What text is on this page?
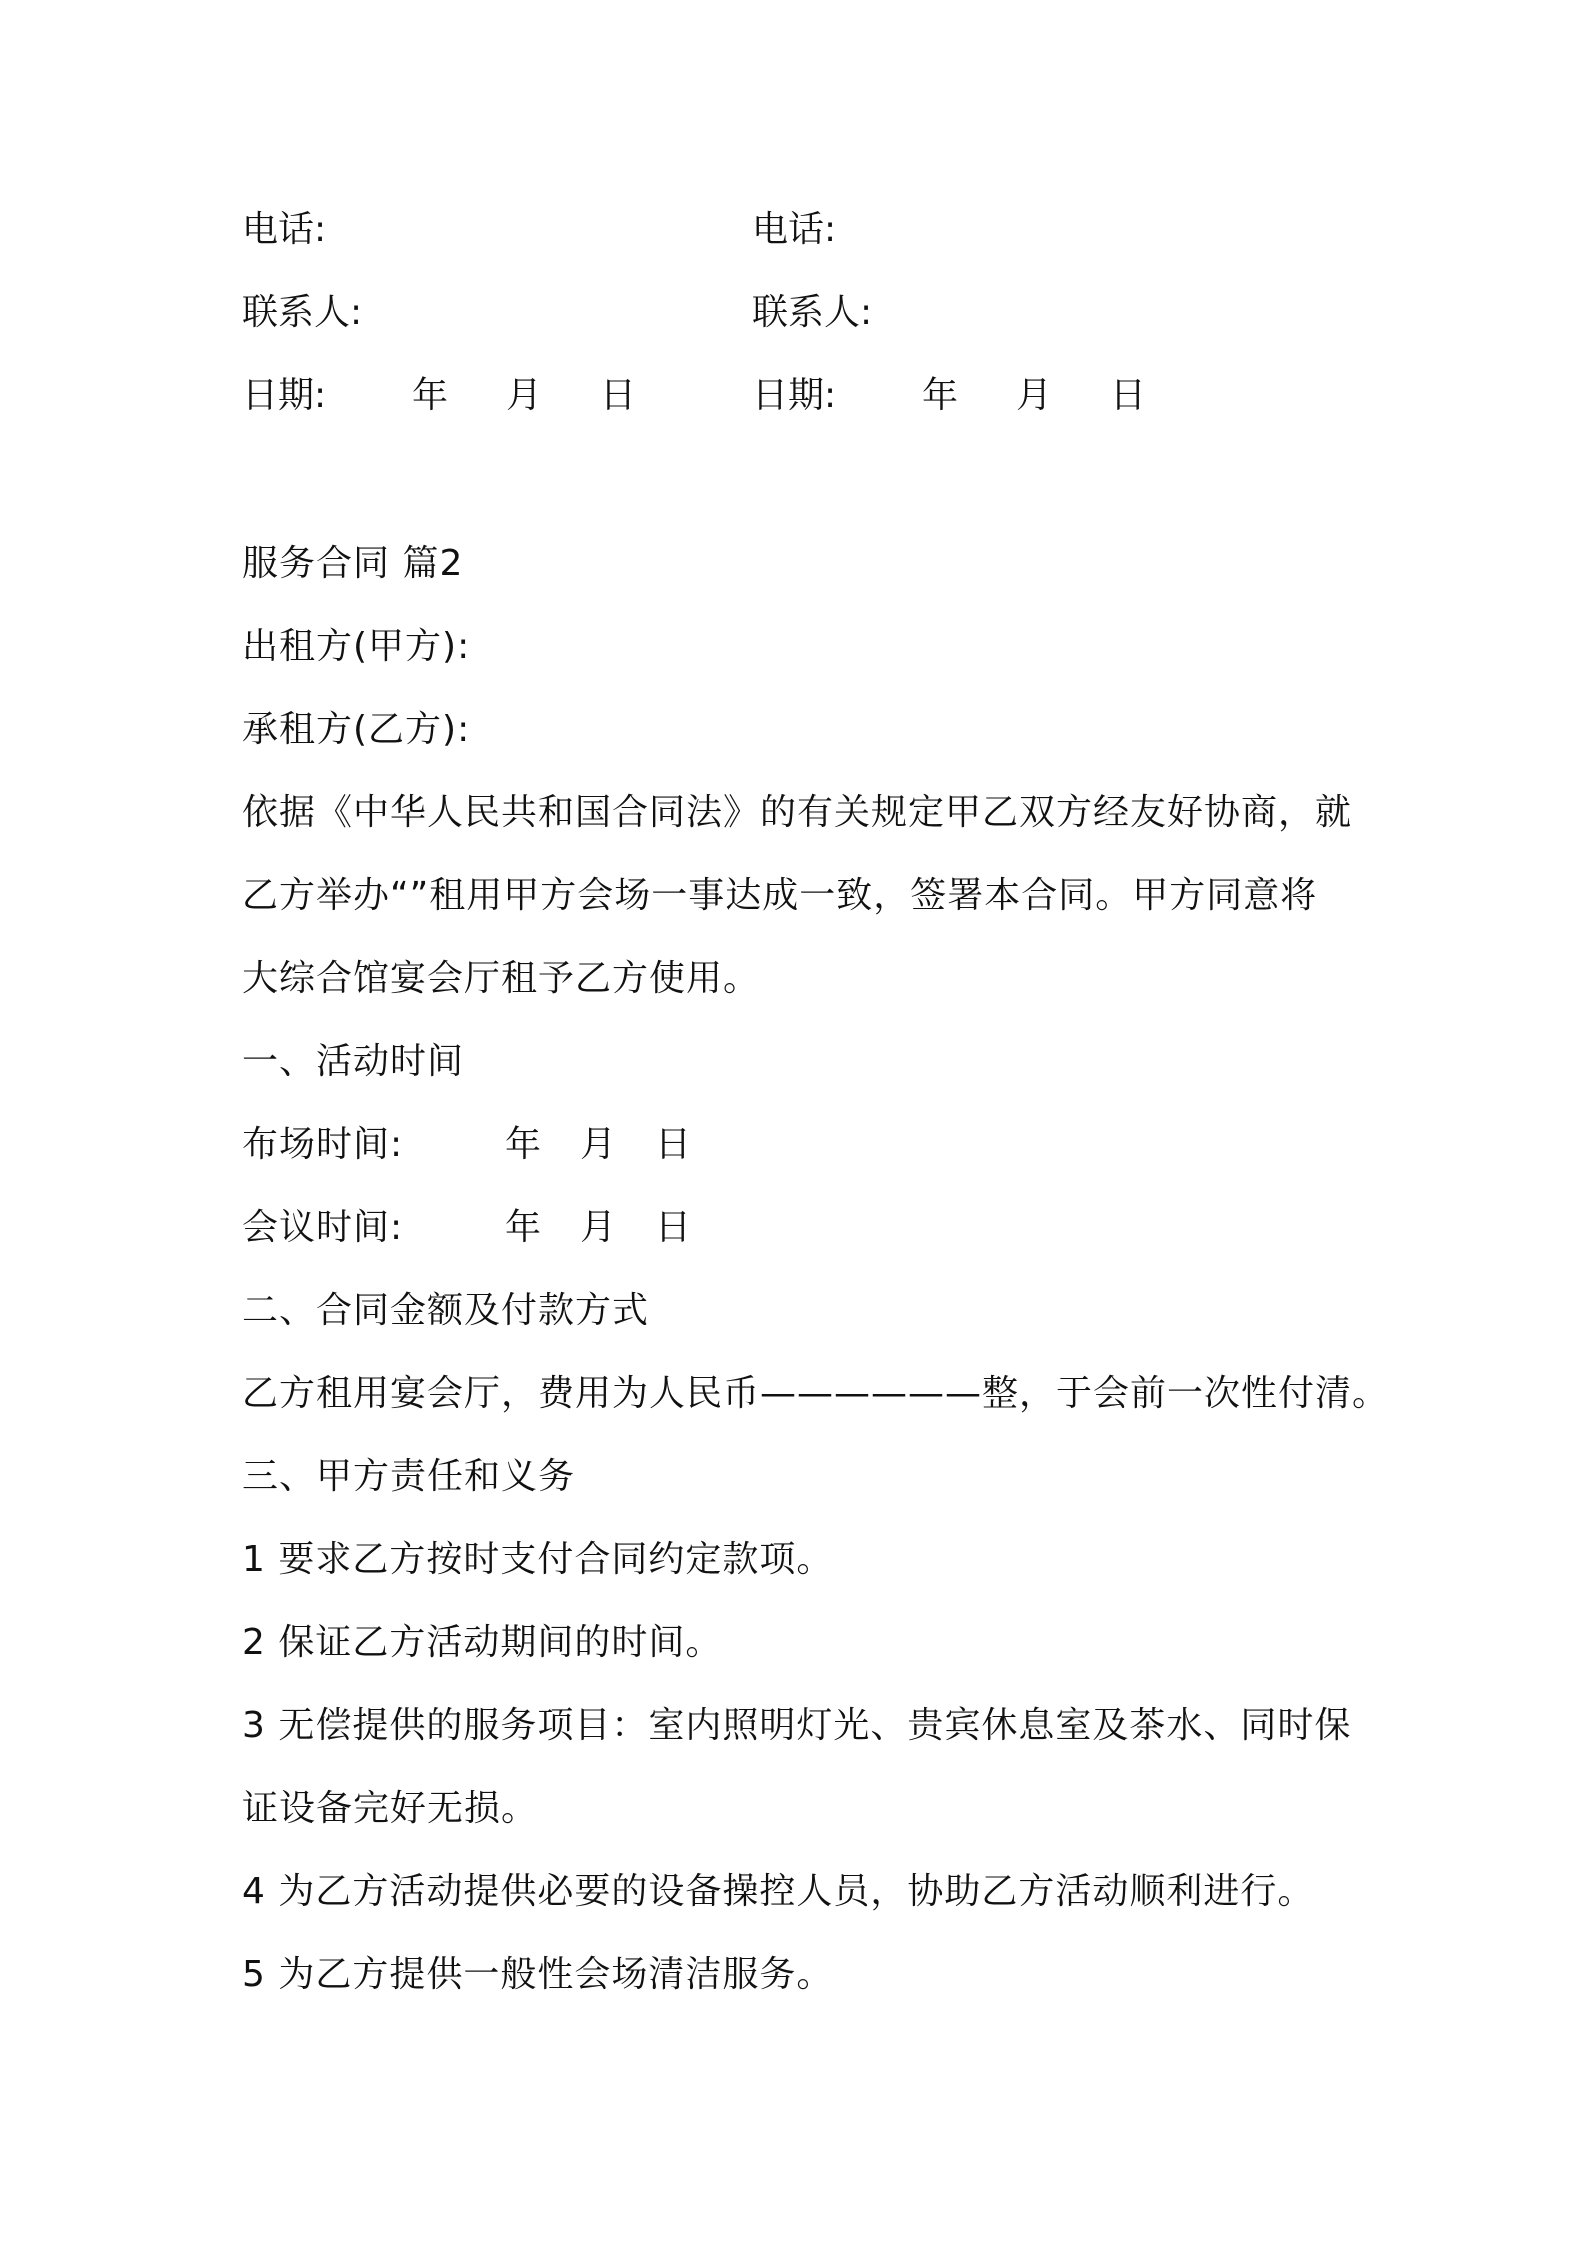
电话:
联系人:
日期: 年 月 日
电话:
联系人:
日期: 年 月 日
服务合同 篇2
出租方(甲方):
承租方(乙方):
依据《中华人民共和国合同法》的有关规定甲乙双方经友好协商，就
乙方举办“”租用甲方会场一事达成一致，签署本合同。甲方同意将
大综合馆宴会厅租予乙方使用。
一、活动时间
布场时间:	年 月 日
会议时间:	年 月 日
二、合同金额及付款方式
乙方租用宴会厅，费用为人民币——————整，于会前一次性付清。
三、甲方责任和义务
1 要求乙方按时支付合同约定款项。
2 保证乙方活动期间的时间。
3 无偿提供的服务项目：室内照明灯光、贵宾休息室及茶水、同时保
证设备完好无损。
4 为乙方活动提供必要的设备操控人员，协助乙方活动顺利进行。
5 为乙方提供一般性会场清洁服务。
